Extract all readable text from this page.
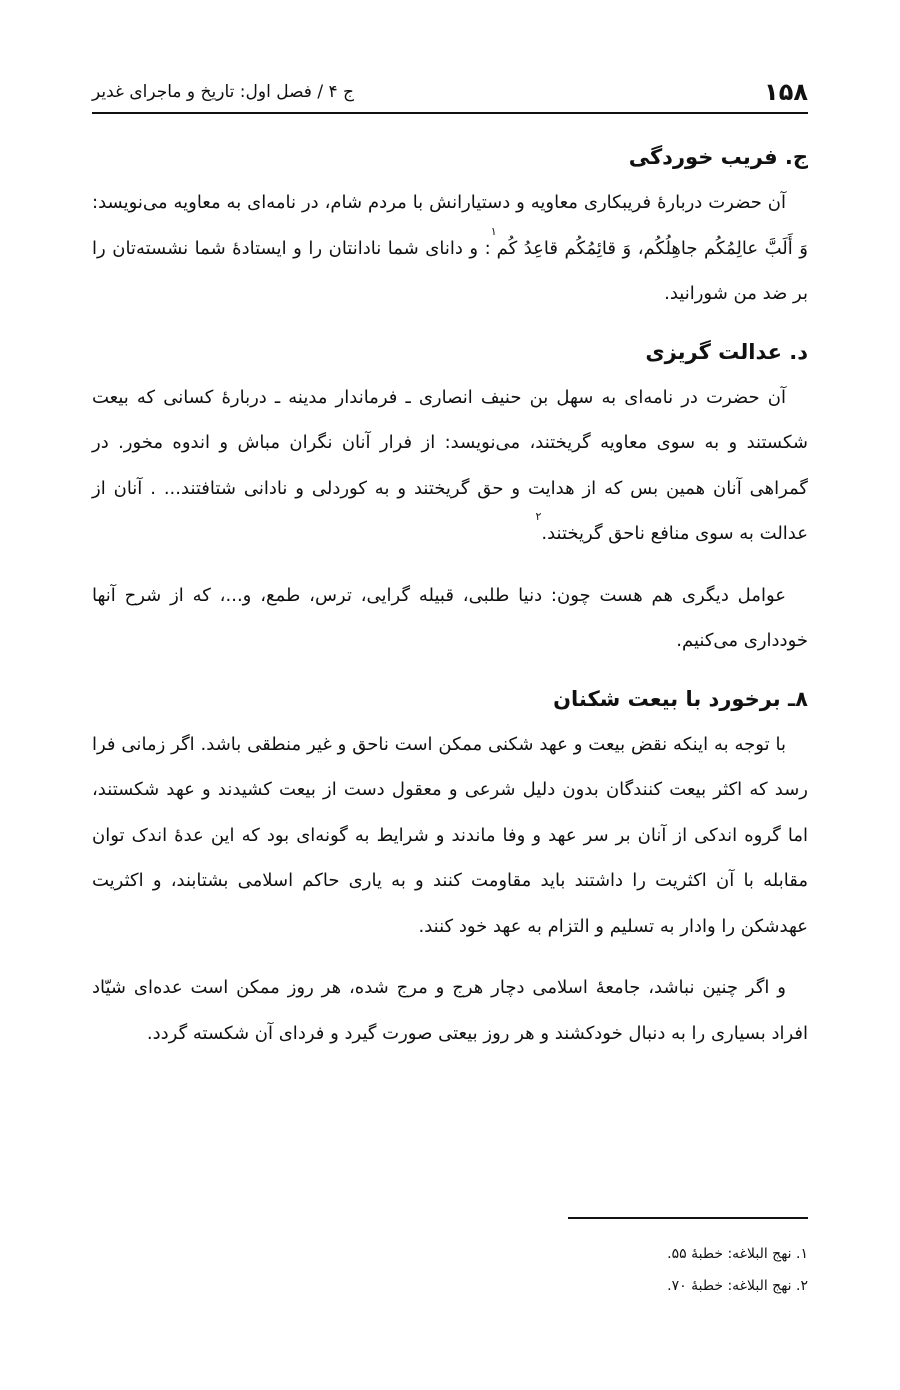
۱۵۸
ج ۴ / فصل اول: تاریخ و ماجرای غدیر
ج. فریب خوردگی

آن حضرت دربارهٔ فریبکاری معاویه و دستیارانش با مردم شام، در نامه‌ای به معاویه می‌نویسد: وَ أَلَبَّ عالِمُکُم جاهِلُکُم، وَ قائِمُکُم قاعِدُ کُم$^۱$: و دانای شما نادانتان را و ایستادهٔ شما نشسته‌تان را بر ضد من شورانید.

د. عدالت گریزی

آن حضرت در نامه‌ای به سهل بن حنیف انصاری ـ فرماندار مدینه ـ دربارهٔ کسانی که بیعت شکستند و به سوی معاویه گریختند، می‌نویسد: از فرار آنان نگران مباش و اندوه مخور. در گمراهی آنان همین بس که از هدایت و حق گریختند و به کوردلی و نادانی شتافتند... . آنان از عدالت به سوی منافع ناحق گریختند.$^۲$

عوامل دیگری هم هست چون: دنیا طلبی، قبیله گرایی، ترس، طمع، و...، که از شرح آنها خودداری می‌کنیم.

۸ـ برخورد با بیعت شکنان

با توجه به اینکه نقض بیعت و عهد شکنی ممکن است ناحق و غیر منطقی باشد. اگر زمانی فرا رسد که اکثر بیعت کنندگان بدون دلیل شرعی و معقول دست از بیعت کشیدند و عهد شکستند، اما گروه اندکی از آنان بر سر عهد و وفا ماندند و شرایط به گونه‌ای بود که این عدهٔ اندک توان مقابله با آن اکثریت را داشتند باید مقاومت کنند و به یاری حاکم اسلامی بشتابند، و اکثریت عهدشکن را وادار به تسلیم و التزام به عهد خود کنند.

و اگر چنین نباشد، جامعهٔ اسلامی دچار هرج و مرج شده، هر روز ممکن است عده‌ای شیّاد افراد بسیاری را به دنبال خودکشند و هر روز بیعتی صورت گیرد و فردای آن شکسته گردد.

۱. نهج البلاغه: خطبهٔ ۵۵.
۲. نهج البلاغه: خطبهٔ ۷۰.
